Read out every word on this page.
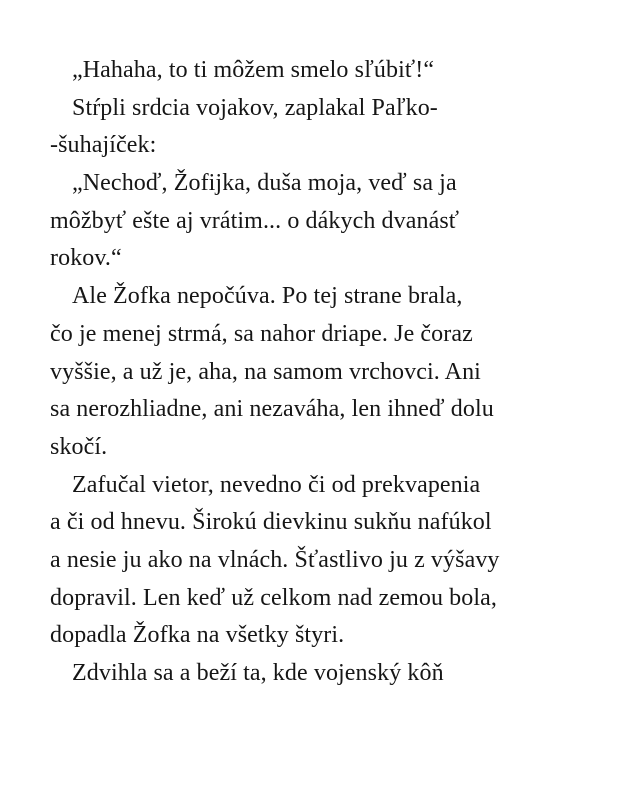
„Hahaha, to ti môžem smelo sľúbiť!“
Stŕpli srdcia vojakov, zaplakal Paľko-
-šuhajíček:
„Nechoď, Žofijka, duša moja, veď sa ja
môžbyť ešte aj vrátim... o dákych dvanásť
rokov.“
Ale Žofka nepočúva. Po tej strane brala,
čo je menej strmá, sa nahor driape. Je čoraz
vyššie, a už je, aha, na samom vrchovci. Ani
sa nerozhliadne, ani nezaváha, len ihneď dolu
skočí.
Zafučal vietor, nevedno či od prekvapenia
a či od hnevu. Širokú dievkinu sukňu nafúkol
a nesie ju ako na vlnách. Šťastlivo ju z výšavy
dopravil. Len keď už celkom nad zemou bola,
dopadla Žofka na všetky štyri.
Zdvihla sa a beží ta, kde vojenský kôň
